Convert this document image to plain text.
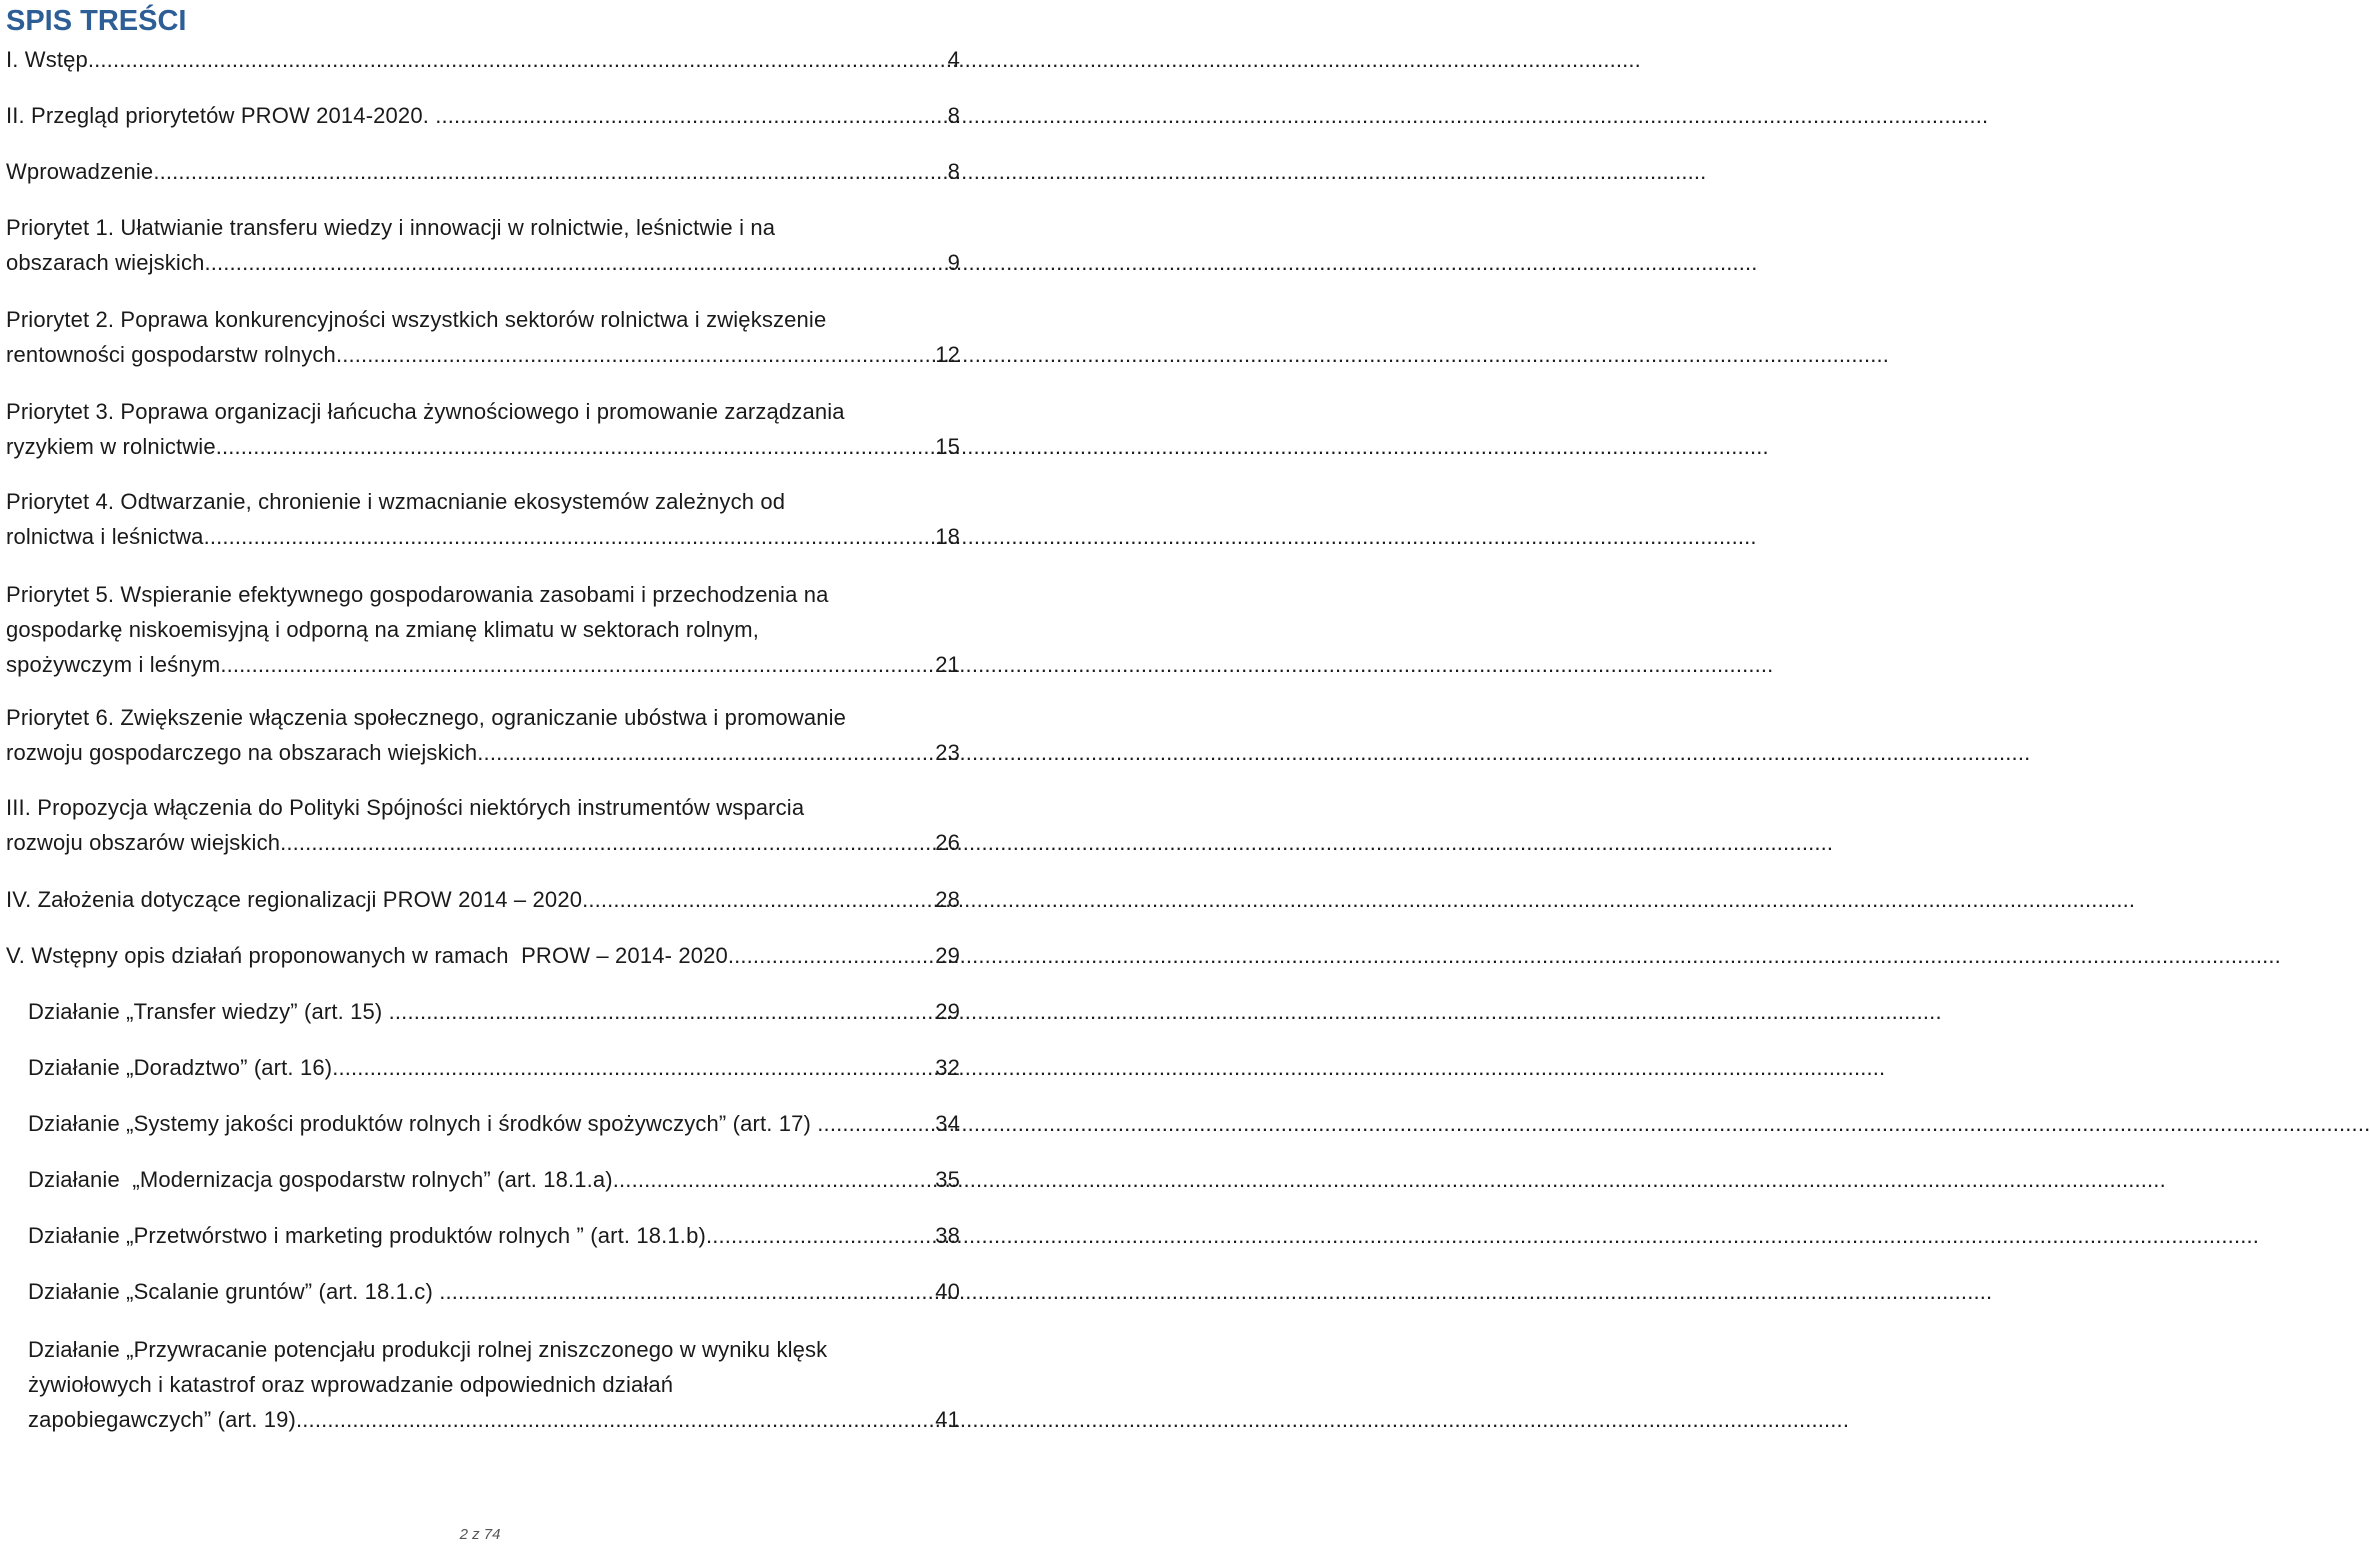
SPIS TREŚCI
I. Wstęp .....	4
II. Przegląd priorytetów PROW 2014-2020. .....	8
Wprowadzenie .....	8
Priorytet 1. Ułatwianie transferu wiedzy i innowacji w rolnictwie, leśnictwie i na
obszarach wiejskich .....	9
Priorytet 2. Poprawa konkurencyjności wszystkich sektorów rolnictwa i zwiększenie
rentowności gospodarstw rolnych .....	12
Priorytet 3. Poprawa organizacji łańcucha żywnościowego i promowanie zarządzania
ryzykiem w rolnictwie .....	15
Priorytet 4. Odtwarzanie, chronienie i wzmacnianie ekosystemów zależnych od
rolnictwa i leśnictwa .....	18
Priorytet 5. Wspieranie efektywnego gospodarowania zasobami i przechodzenia na
gospodarkę niskoemisyjną i odporną na zmianę klimatu w sektorach rolnym,
spożywczym i leśnym .....	21
Priorytet 6. Zwiększenie włączenia społecznego, ograniczanie ubóstwa i promowanie
rozwoju gospodarczego na obszarach wiejskich .....	23
III. Propozycja włączenia do Polityki Spójności niektórych instrumentów wsparcia
rozwoju obszarów wiejskich .....	26
IV. Założenia dotyczące regionalizacji PROW 2014 – 2020 .....	28
V. Wstępny opis działań proponowanych w ramach  PROW – 2014- 2020 .....	29
Działanie „Transfer wiedzy” (art. 15) .....	29
Działanie „Doradztwo” (art. 16) .....	32
Działanie „Systemy jakości produktów rolnych i środków spożywczych” (art. 17) .....	34
Działanie  „Modernizacja gospodarstw rolnych” (art. 18.1.a) .....	35
Działanie „Przetwórstwo i marketing produktów rolnych ” (art. 18.1.b) .....	38
Działanie „Scalanie gruntów” (art. 18.1.c) .....	40
Działanie „Przywracanie potencjału produkcji rolnej zniszczonego w wyniku klęsk
żywiołowych i katastrof oraz wprowadzanie odpowiednich działań
zapobiegawczych” (art. 19) .....	41
2 z 74
